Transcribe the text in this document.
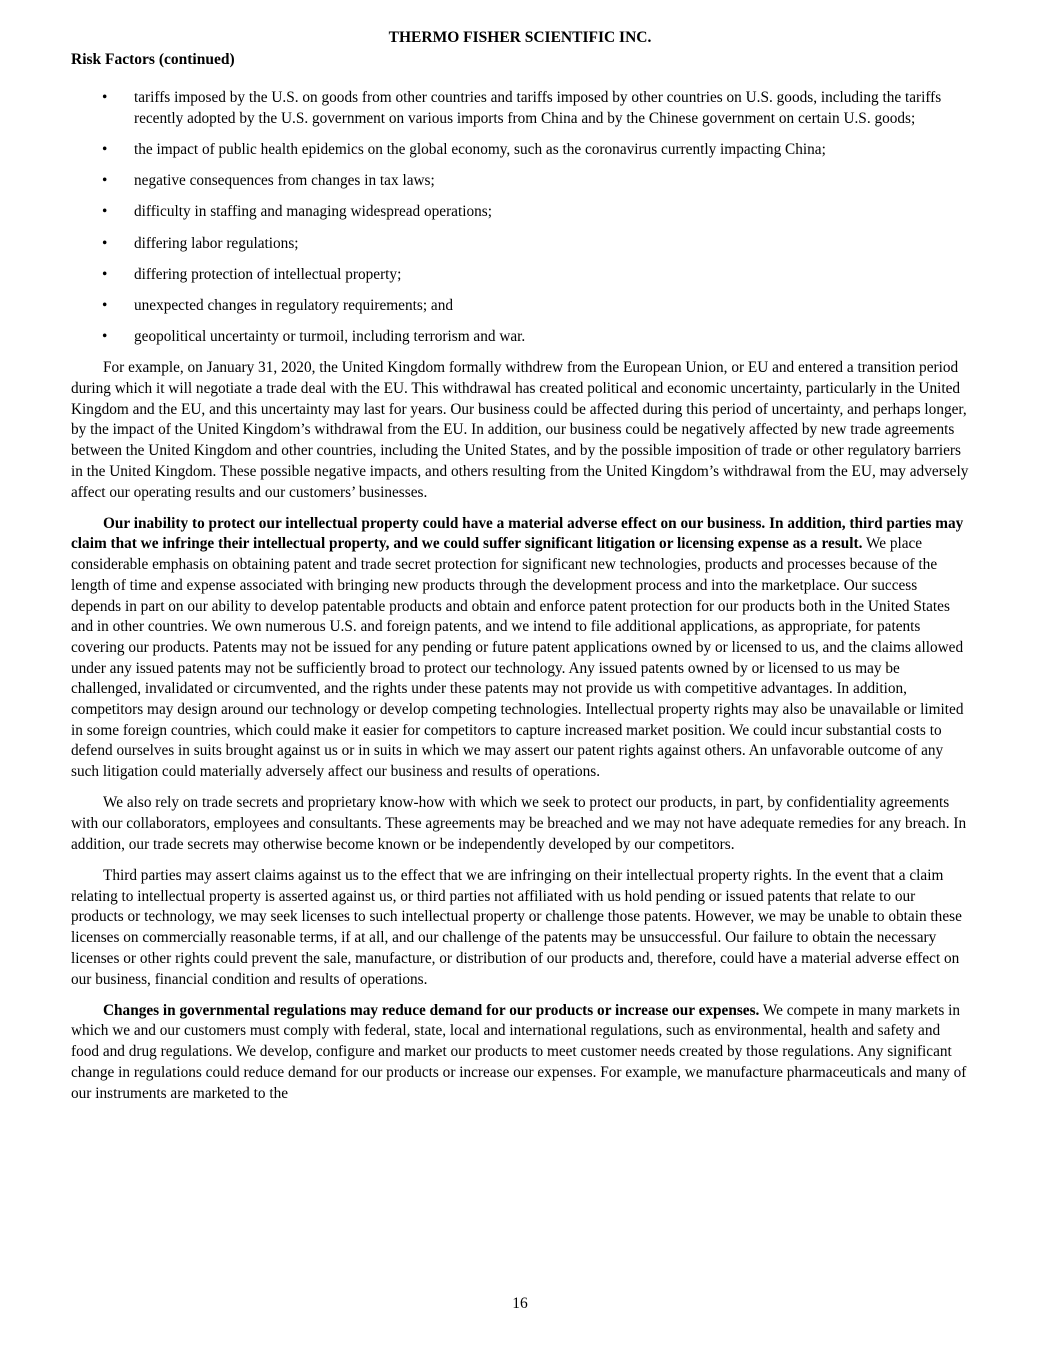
THERMO FISHER SCIENTIFIC INC.

Risk Factors (continued)

• tariffs imposed by the U.S. on goods from other countries and tariffs imposed by other countries on U.S. goods, including the tariffs recently adopted by the U.S. government on various imports from China and by the Chinese government on certain U.S. goods;
• the impact of public health epidemics on the global economy, such as the coronavirus currently impacting China;
• negative consequences from changes in tax laws;
• difficulty in staffing and managing widespread operations;
• differing labor regulations;
• differing protection of intellectual property;
• unexpected changes in regulatory requirements; and
• geopolitical uncertainty or turmoil, including terrorism and war.

For example, on January 31, 2020, the United Kingdom formally withdrew from the European Union, or EU and entered a transition period during which it will negotiate a trade deal with the EU. This withdrawal has created political and economic uncertainty, particularly in the United Kingdom and the EU, and this uncertainty may last for years. Our business could be affected during this period of uncertainty, and perhaps longer, by the impact of the United Kingdom’s withdrawal from the EU. In addition, our business could be negatively affected by new trade agreements between the United Kingdom and other countries, including the United States, and by the possible imposition of trade or other regulatory barriers in the United Kingdom. These possible negative impacts, and others resulting from the United Kingdom’s withdrawal from the EU, may adversely affect our operating results and our customers’ businesses.

Our inability to protect our intellectual property could have a material adverse effect on our business. In addition, third parties may claim that we infringe their intellectual property, and we could suffer significant litigation or licensing expense as a result. We place considerable emphasis on obtaining patent and trade secret protection for significant new technologies, products and processes because of the length of time and expense associated with bringing new products through the development process and into the marketplace. Our success depends in part on our ability to develop patentable products and obtain and enforce patent protection for our products both in the United States and in other countries. We own numerous U.S. and foreign patents, and we intend to file additional applications, as appropriate, for patents covering our products. Patents may not be issued for any pending or future patent applications owned by or licensed to us, and the claims allowed under any issued patents may not be sufficiently broad to protect our technology. Any issued patents owned by or licensed to us may be challenged, invalidated or circumvented, and the rights under these patents may not provide us with competitive advantages. In addition, competitors may design around our technology or develop competing technologies. Intellectual property rights may also be unavailable or limited in some foreign countries, which could make it easier for competitors to capture increased market position. We could incur substantial costs to defend ourselves in suits brought against us or in suits in which we may assert our patent rights against others. An unfavorable outcome of any such litigation could materially adversely affect our business and results of operations.

We also rely on trade secrets and proprietary know-how with which we seek to protect our products, in part, by confidentiality agreements with our collaborators, employees and consultants. These agreements may be breached and we may not have adequate remedies for any breach. In addition, our trade secrets may otherwise become known or be independently developed by our competitors.

Third parties may assert claims against us to the effect that we are infringing on their intellectual property rights. In the event that a claim relating to intellectual property is asserted against us, or third parties not affiliated with us hold pending or issued patents that relate to our products or technology, we may seek licenses to such intellectual property or challenge those patents. However, we may be unable to obtain these licenses on commercially reasonable terms, if at all, and our challenge of the patents may be unsuccessful. Our failure to obtain the necessary licenses or other rights could prevent the sale, manufacture, or distribution of our products and, therefore, could have a material adverse effect on our business, financial condition and results of operations.

Changes in governmental regulations may reduce demand for our products or increase our expenses. We compete in many markets in which we and our customers must comply with federal, state, local and international regulations, such as environmental, health and safety and food and drug regulations. We develop, configure and market our products to meet customer needs created by those regulations. Any significant change in regulations could reduce demand for our products or increase our expenses. For example, we manufacture pharmaceuticals and many of our instruments are marketed to the

16
